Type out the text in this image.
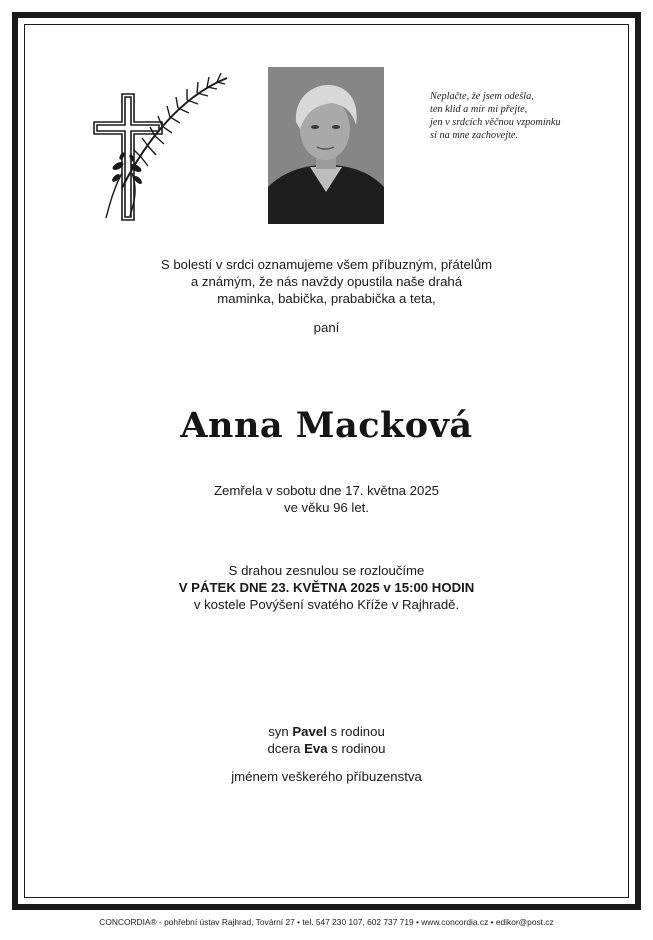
Neplačte, že jsem odešla,
ten klid a mír mi přejte,
jen v srdcích věčnou vzpomínku
si na mne zachovejte.
S bolestí v srdci oznamujeme všem příbuzným, přátelům
a známým, že nás navždy opustila naše drahá
maminka, babička, prababička a teta,
paní
Anna Macková
Zemřela v sobotu dne 17. května 2025
ve věku 96 let.
S drahou zesnulou se rozloučíme
V PÁTEK DNE 23. KVĚTNA 2025 v 15:00 HODIN
v kostele Povýšení svatého Kříže v Rajhradě.
syn Pavel s rodinou
dcera Eva s rodinou
jménem veškerého příbuzenstva
CONCORDIA® - pohřební ústav Rajhrad, Tovární 27 • tel. 547 230 107, 602 737 719 • www.concordia.cz • edikor@post.cz
